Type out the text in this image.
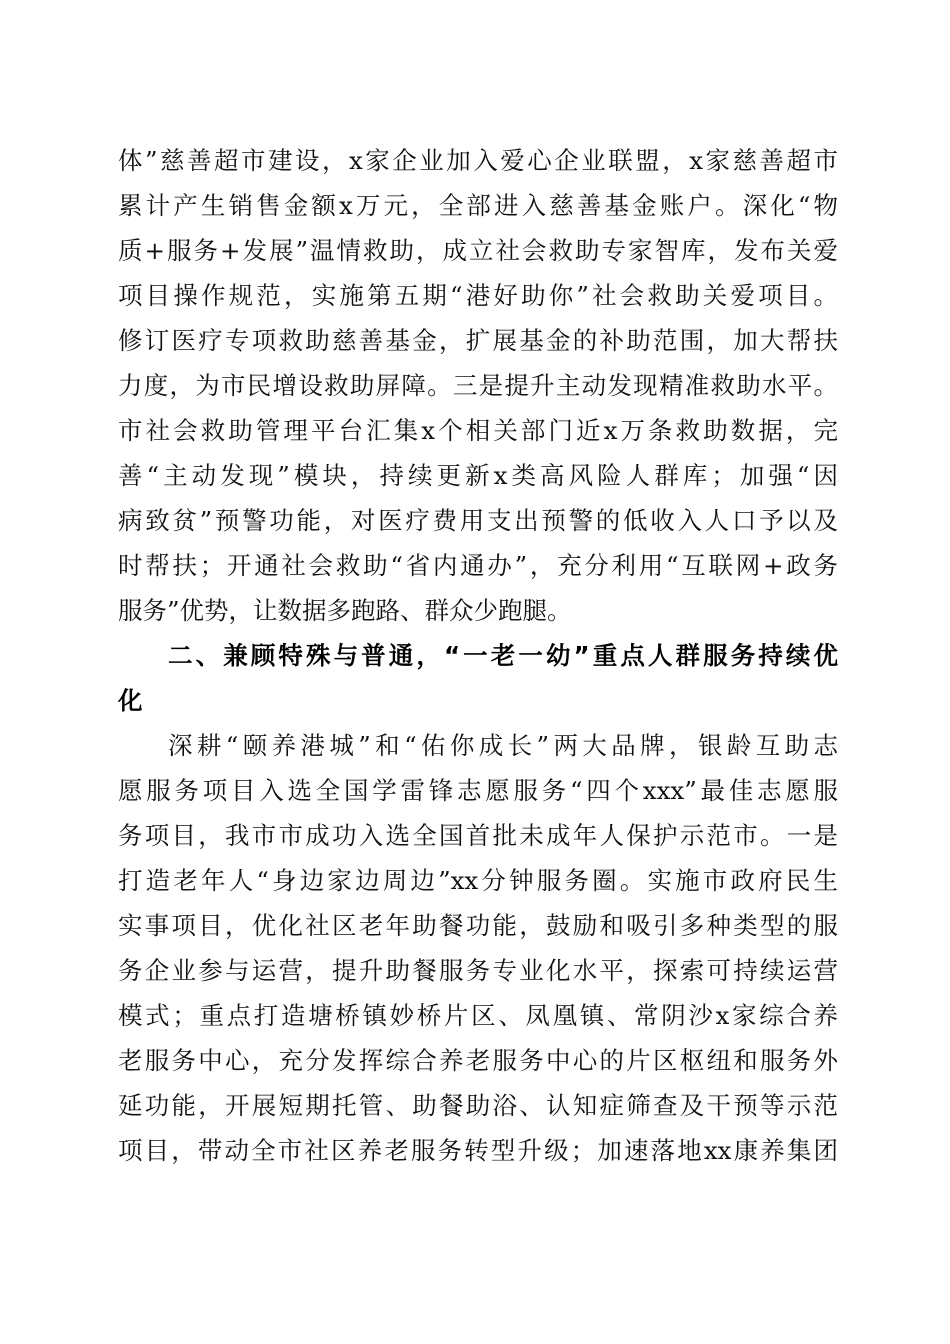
体”慈善超市建设，x家企业加入爱心企业联盟，x家慈善超市
累计产生销售金额x万元，全部进入慈善基金账户。深化“物
质+服务+发展”温情救助，成立社会救助专家智库，发布关爱
项目操作规范，实施第五期“港好助你”社会救助关爱项目。
修订医疗专项救助慈善基金，扩展基金的补助范围，加大帮扶
力度，为市民增设救助屏障。三是提升主动发现精准救助水平。
市社会救助管理平台汇集x个相关部门近x万条救助数据，完
善“主动发现”模块，持续更新x类高风险人群库；加强“因
病致贫”预警功能，对医疗费用支出预警的低收入人口予以及
时帮扶；开通社会救助“省内通办”，充分利用“互联网+政务
服务”优势，让数据多跑路、群众少跑腿。
二、兼顾特殊与普通，“一老一幼”重点人群服务持续优
化
深耕“颐养港城”和“佑你成长”两大品牌，银龄互助志
愿服务项目入选全国学雷锋志愿服务“四个xxx”最佳志愿服
务项目，我市市成功入选全国首批未成年人保护示范市。一是
打造老年人“身边家边周边”xx分钟服务圈。实施市政府民生
实事项目，优化社区老年助餐功能，鼓励和吸引多种类型的服
务企业参与运营，提升助餐服务专业化水平，探索可持续运营
模式；重点打造塘桥镇妙桥片区、凤凰镇、常阴沙x家综合养
老服务中心，充分发挥综合养老服务中心的片区枢纽和服务外
延功能，开展短期托管、助餐助浴、认知症筛查及干预等示范
项目，带动全市社区养老服务转型升级；加速落地xx康养集团
